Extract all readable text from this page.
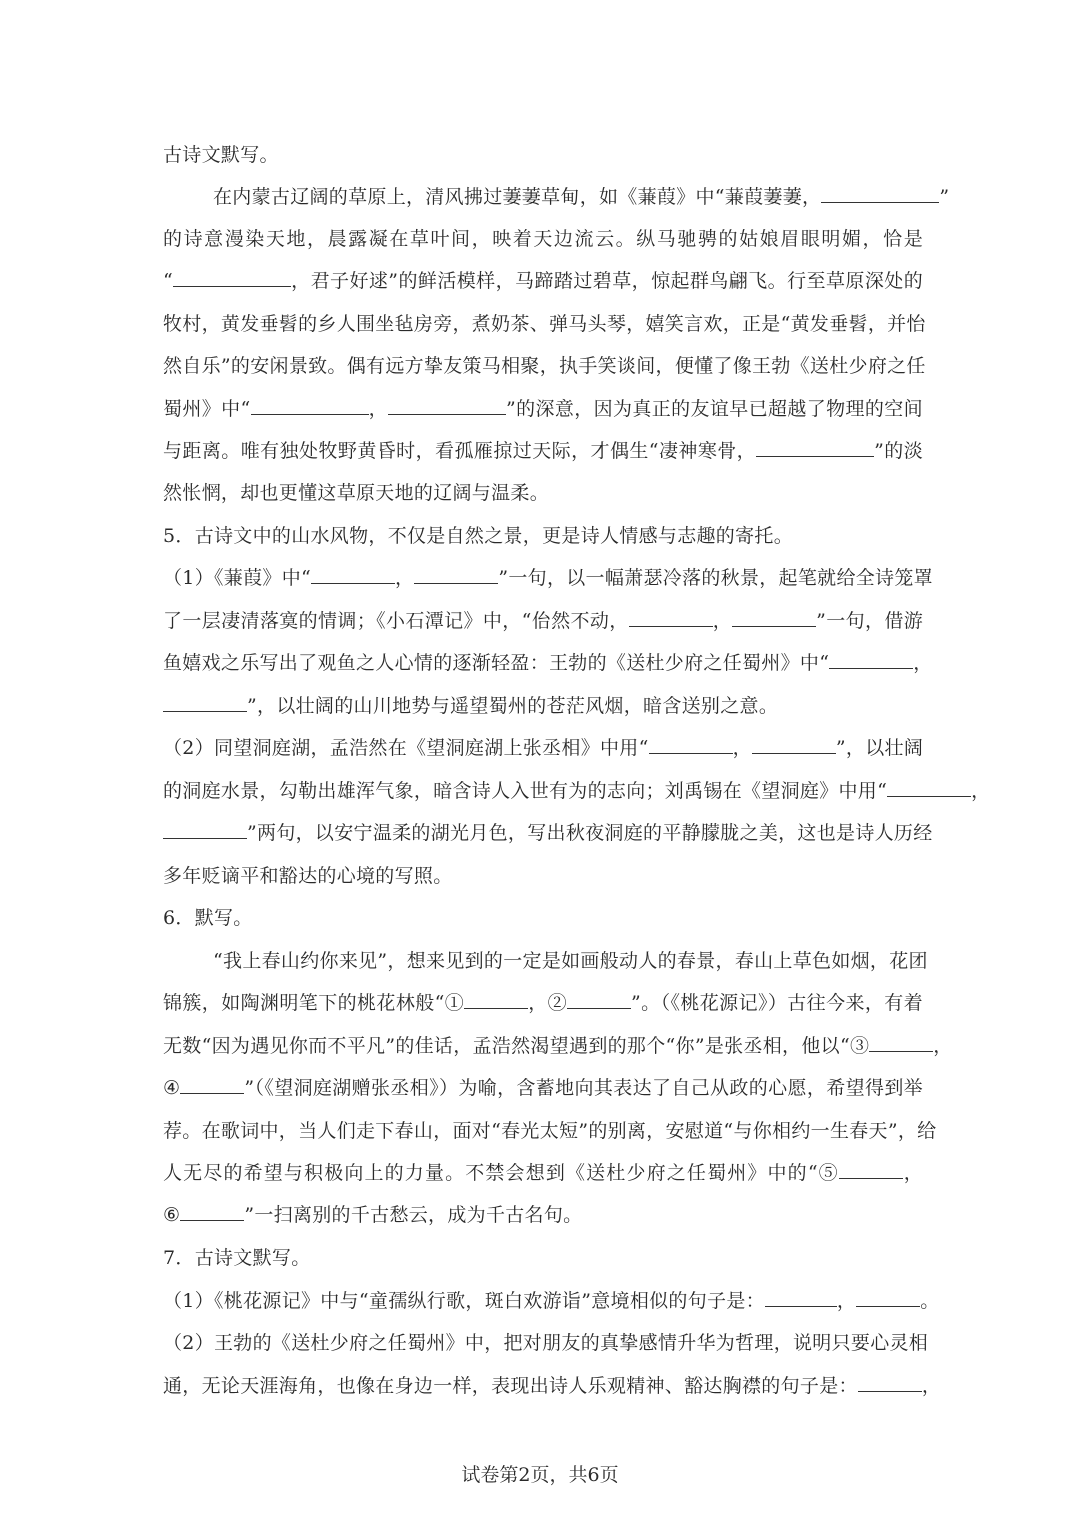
古诗文默写。
在内蒙古辽阔的草原上，清风拂过萋萋草甸，如《蒹葭》中“蒹葭萋萋，	”
的诗意漫染天地，晨露凝在草叶间，映着天边流云。纵马驰骋的姑娘眉眼明媚，恰是
“	，君子好逑”的鲜活模样，马蹄踏过碧草，惊起群鸟翩飞。行至草原深处的
牧村，黄发垂髫的乡人围坐毡房旁，煮奶茶、弹马头琴，嬉笑言欢，正是“黄发垂髫，并怡
然自乐”的安闲景致。偶有远方挚友策马相聚，执手笑谈间，便懂了像王勃《送杜少府之任
蜀州》中“	，	”的深意，因为真正的友谊早已超越了物理的空间
与距离。唯有独处牧野黄昏时，看孤雁掠过天际，才偶生“凄神寒骨，	”的淡
然怅惘，却也更懂这草原天地的辽阔与温柔。
5．古诗文中的山水风物，不仅是自然之景，更是诗人情感与志趣的寄托。
（1）《蒹葭》中“	，	”一句，以一幅萧瑟冷落的秋景，起笔就给全诗笼罩
了一层凄清落寞的情调；《小石潭记》中，“佁然不动，	，	”一句，借游
鱼嬉戏之乐写出了观鱼之人心情的逐渐轻盈：王勃的《送杜少府之任蜀州》中“	，
”，以壮阔的山川地势与遥望蜀州的苍茫风烟，暗含送别之意。
（2）同望洞庭湖，孟浩然在《望洞庭湖上张丞相》中用“	，	”，以壮阔
的洞庭水景，勾勒出雄浑气象，暗含诗人入世有为的志向；刘禹锡在《望洞庭》中用“	，
”两句，以安宁温柔的湖光月色，写出秋夜洞庭的平静朦胧之美，这也是诗人历经
多年贬谪平和豁达的心境的写照。
6．默写。
“我上春山约你来见”，想来见到的一定是如画般动人的春景，春山上草色如烟，花团
锦簇，如陶渊明笔下的桃花林般“①	，②	”。（《桃花源记》）古往今来，有着
无数“因为遇见你而不平凡”的佳话，孟浩然渴望遇到的那个“你”是张丞相，他以“③	，
④	”（《望洞庭湖赠张丞相》）为喻，含蓄地向其表达了自己从政的心愿，希望得到举
荐。在歌词中，当人们走下春山，面对“春光太短”的别离，安慰道“与你相约一生春天”，给
人无尽的希望与积极向上的力量。不禁会想到《送杜少府之任蜀州》中的“⑤	，
⑥	”一扫离别的千古愁云，成为千古名句。
7．古诗文默写。
（1）《桃花源记》中与“童孺纵行歌，斑白欢游诣”意境相似的句子是：	，	。
（2）王勃的《送杜少府之任蜀州》中，把对朋友的真挚感情升华为哲理，说明只要心灵相
通，无论天涯海角，也像在身边一样，表现出诗人乐观精神、豁达胸襟的句子是：	，
试卷第2页，共6页
